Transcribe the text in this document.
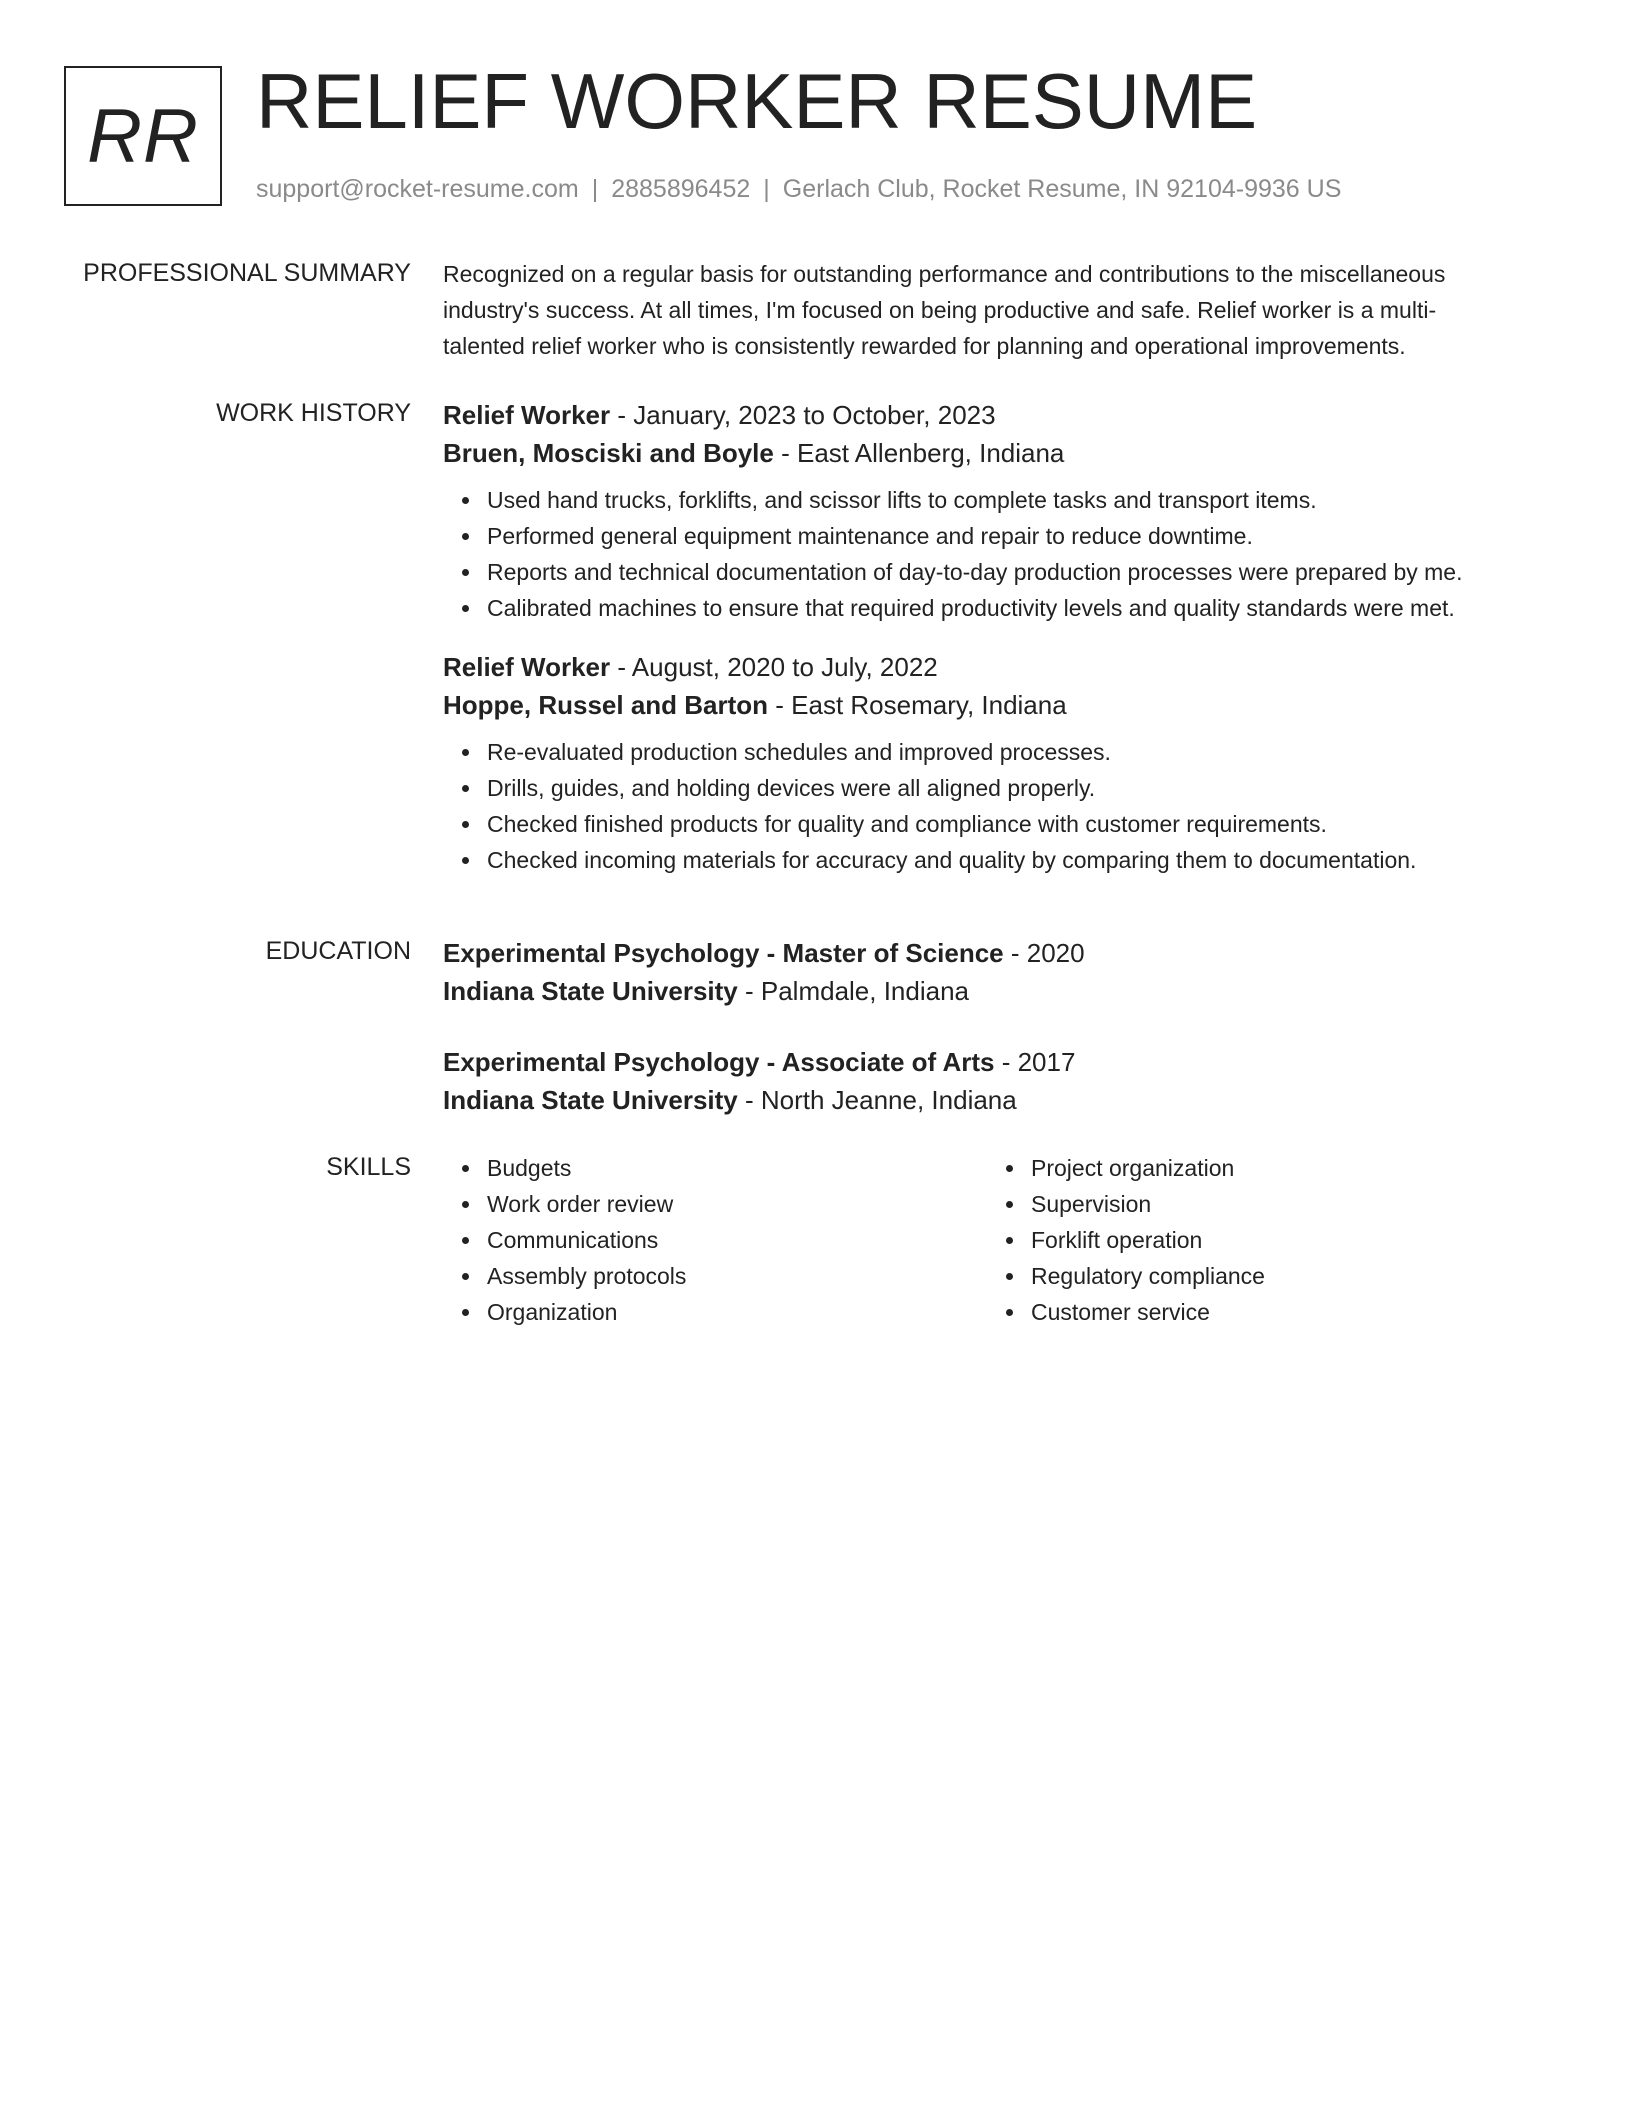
RR RELIEF WORKER RESUME
support@rocket-resume.com | 2885896452 | Gerlach Club, Rocket Resume, IN 92104-9936 US
PROFESSIONAL SUMMARY Recognized on a regular basis for outstanding performance and contributions to the miscellaneous
industry's success. At all times, I'm focused on being productive and safe. Relief worker is a multi-
talented relief worker who is consistently rewarded for planning and operational improvements.

WORK HISTORY Relief Worker - January, 2023 to October, 2023
Bruen, Mosciski and Boyle - East Allenberg, Indiana
Used hand trucks, forklifts, and scissor lifts to complete tasks and transport items.
Performed general equipment maintenance and repair to reduce downtime.
Reports and technical documentation of day-to-day production processes were prepared by me.
Calibrated machines to ensure that required productivity levels and quality standards were met.
Relief Worker - August, 2020 to July, 2022
Hoppe, Russel and Barton - East Rosemary, Indiana
Re-evaluated production schedules and improved processes.
Drills, guides, and holding devices were all aligned properly.
Checked finished products for quality and compliance with customer requirements.
Checked incoming materials for accuracy and quality by comparing them to documentation.
EDUCATION Experimental Psychology - Master of Science - 2020
Indiana State University - Palmdale, Indiana
Experimental Psychology - Associate of Arts - 2017
Indiana State University - North Jeanne, Indiana
SKILLS	Budgets
Work order review
Communications
Assembly protocols
Organization
Project organization
Supervision
Forklift operation
Regulatory compliance
Customer service
